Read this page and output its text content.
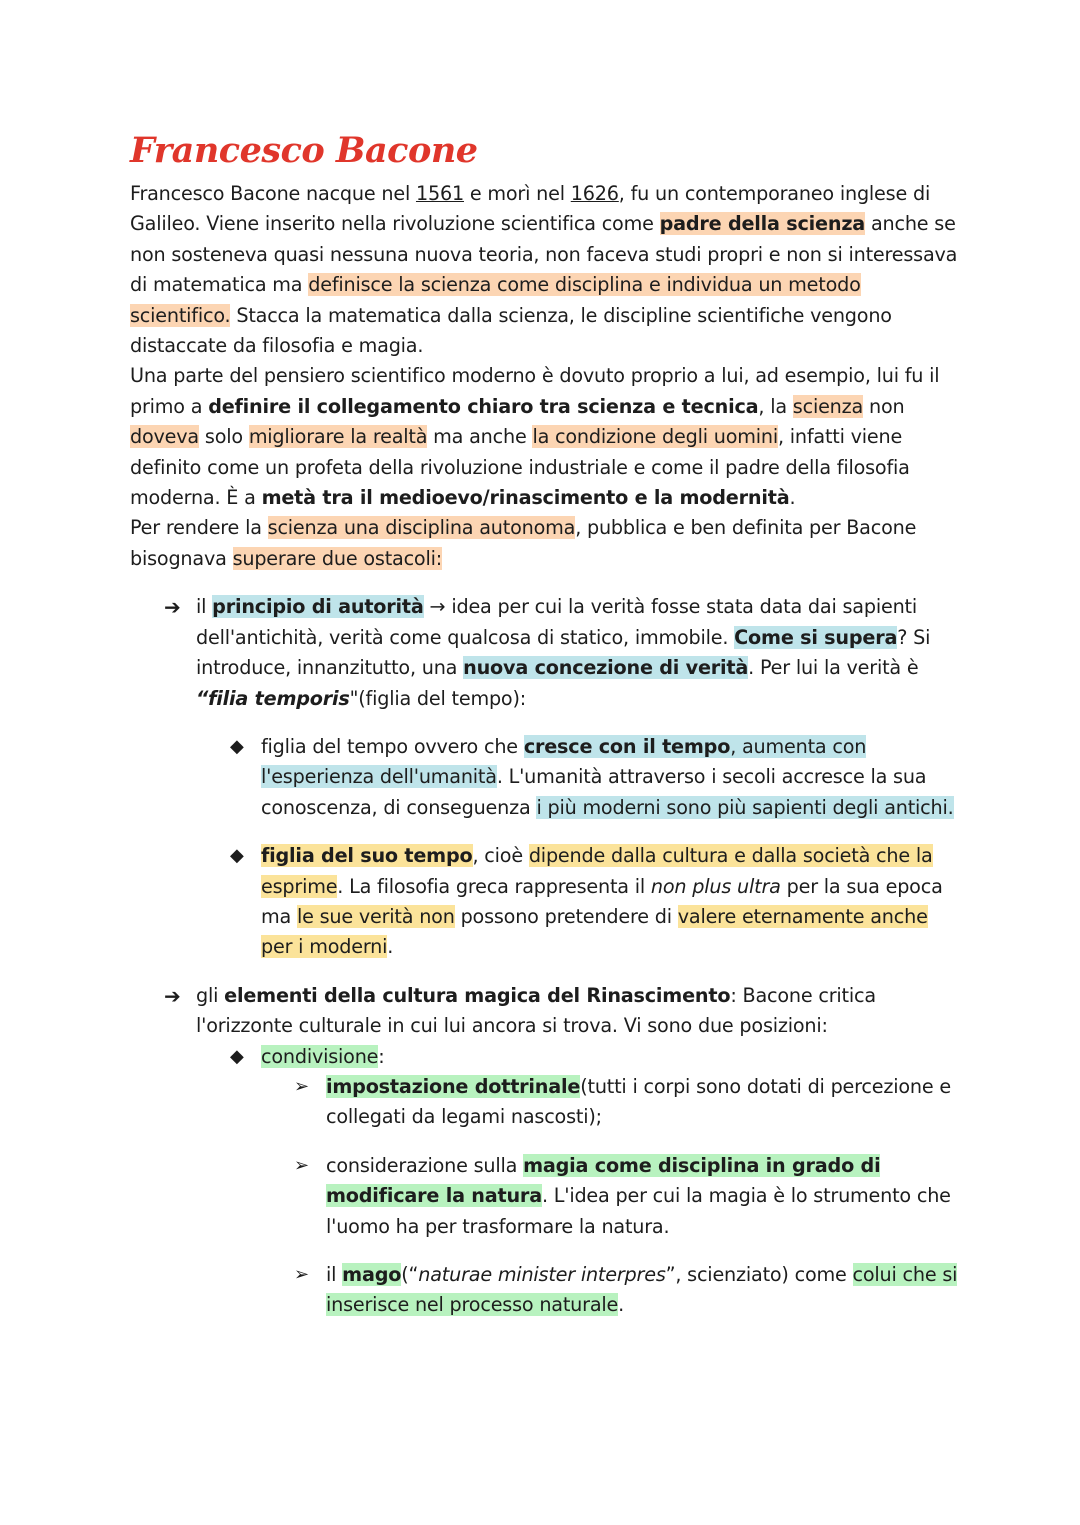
Francesco Bacone

Francesco Bacone nacque nel 1561 e morì nel 1626, fu un contemporaneo inglese di Galileo. Viene inserito nella rivoluzione scientifica come padre della scienza anche se non sosteneva quasi nessuna nuova teoria, non faceva studi propri e non si interessava di matematica ma definisce la scienza come disciplina e individua un metodo scientifico. Stacca la matematica dalla scienza, le discipline scientifiche vengono distaccate da filosofia e magia.

Una parte del pensiero scientifico moderno è dovuto proprio a lui, ad esempio, lui fu il primo a definire il collegamento chiaro tra scienza e tecnica, la scienza non doveva solo migliorare la realtà ma anche la condizione degli uomini, infatti viene definito come un profeta della rivoluzione industriale e come il padre della filosofia moderna. È a metà tra il medioevo/rinascimento e la modernità.

Per rendere la scienza una disciplina autonoma, pubblica e ben definita per Bacone bisognava superare due ostacoli:

➔ il principio di autorità → idea per cui la verità fosse stata data dai sapienti dell'antichità, verità come qualcosa di statico, immobile. Come si supera? Si introduce, innanzitutto, una nuova concezione di verità. Per lui la verità è “filia temporis"(figlia del tempo):
◆ figlia del tempo ovvero che cresce con il tempo, aumenta con l'esperienza dell'umanità. L'umanità attraverso i secoli accresce la sua conoscenza, di conseguenza i più moderni sono più sapienti degli antichi.
◆ figlia del suo tempo, cioè dipende dalla cultura e dalla società che la esprime. La filosofia greca rappresenta il non plus ultra per la sua epoca ma le sue verità non possono pretendere di valere eternamente anche per i moderni.
➔ gli elementi della cultura magica del Rinascimento: Bacone critica l'orizzonte culturale in cui lui ancora si trova. Vi sono due posizioni:
◆ condivisione:
➢ impostazione dottrinale(tutti i corpi sono dotati di percezione e collegati da legami nascosti);
➢ considerazione sulla magia come disciplina in grado di modificare la natura. L'idea per cui la magia è lo strumento che l'uomo ha per trasformare la natura.
➢ il mago(“naturae minister interpres”, scienziato) come colui che si inserisce nel processo naturale.
